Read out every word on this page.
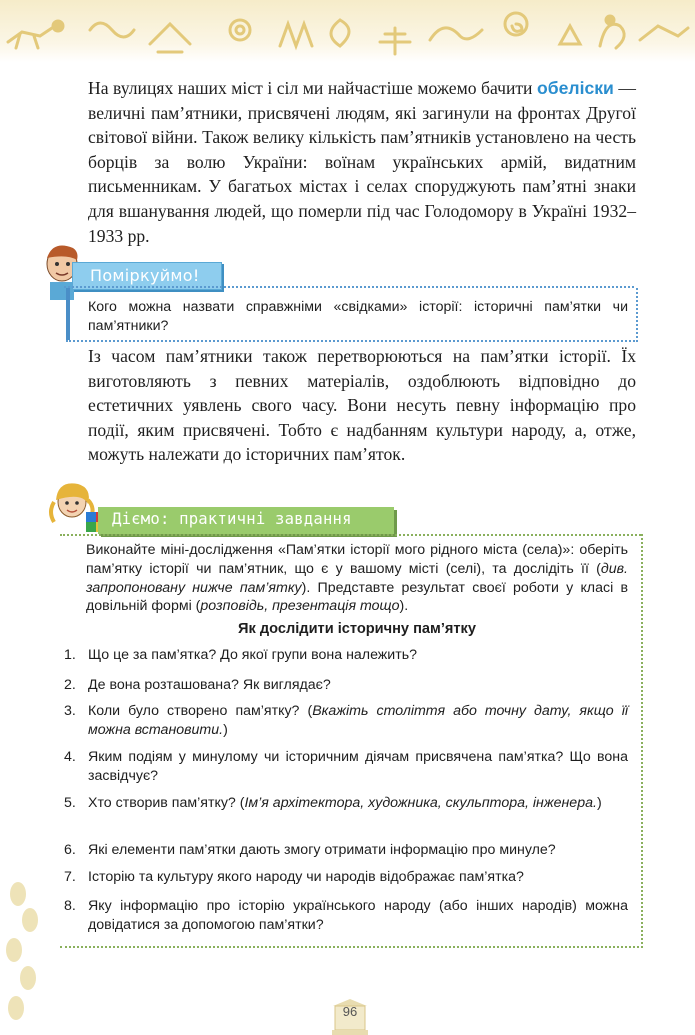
На вулицях наших міст і сіл ми найчастіше можемо бачити обеліски — величні пам’ятники, присвячені людям, які загинули на фронтах Другої світової війни. Також велику кількість пам’ятників установлено на честь борців за волю України: воїнам українських армій, видатним письменникам. У багатьох містах і селах споруджують пам’ятні знаки для вшанування людей, що померли під час Голодомору в Україні 1932–1933 рр.

Поміркуймо!
Кого можна назвати справжніми «свідками» історії: історичні пам’ятки чи пам’ятники?

Із часом пам’ятники також перетворюються на пам’ятки історії. Їх виготовляють з певних матеріалів, оздоблюють відповідно до естетичних уявлень свого часу. Вони несуть певну інформацію про події, яким присвячені. Тобто є надбанням культури народу, а, отже, можуть належати до історичних пам’яток.

Діємо: практичні завдання
Виконайте міні-дослідження «Пам’ятки історії мого рідного міста (села)»: оберіть пам’ятку історії чи пам’ятник, що є у вашому місті (селі), та дослідіть її (див. запропоновану нижче пам’ятку). Представте результат своєї роботи у класі в довільній формі (розповідь, презентація тощо).
Як дослідити історичну пам’ятку
1. Що це за пам’ятка? До якої групи вона належить?
2. Де вона розташована? Як виглядає?
3. Коли було створено пам’ятку? (Вкажіть століття або точну дату, якщо її можна встановити.)
4. Яким подіям у минулому чи історичним діячам присвячена пам’ятка? Що вона засвідчує?
5. Хто створив пам’ятку? (Ім’я архітектора, художника, скульптора, інженера.)
6. Які елементи пам’ятки дають змогу отримати інформацію про минуле?
7. Історію та культуру якого народу чи народів відображає пам’ятка?
8. Яку інформацію про історію українського народу (або інших народів) можна довідатися за допомогою пам’ятки?
96
